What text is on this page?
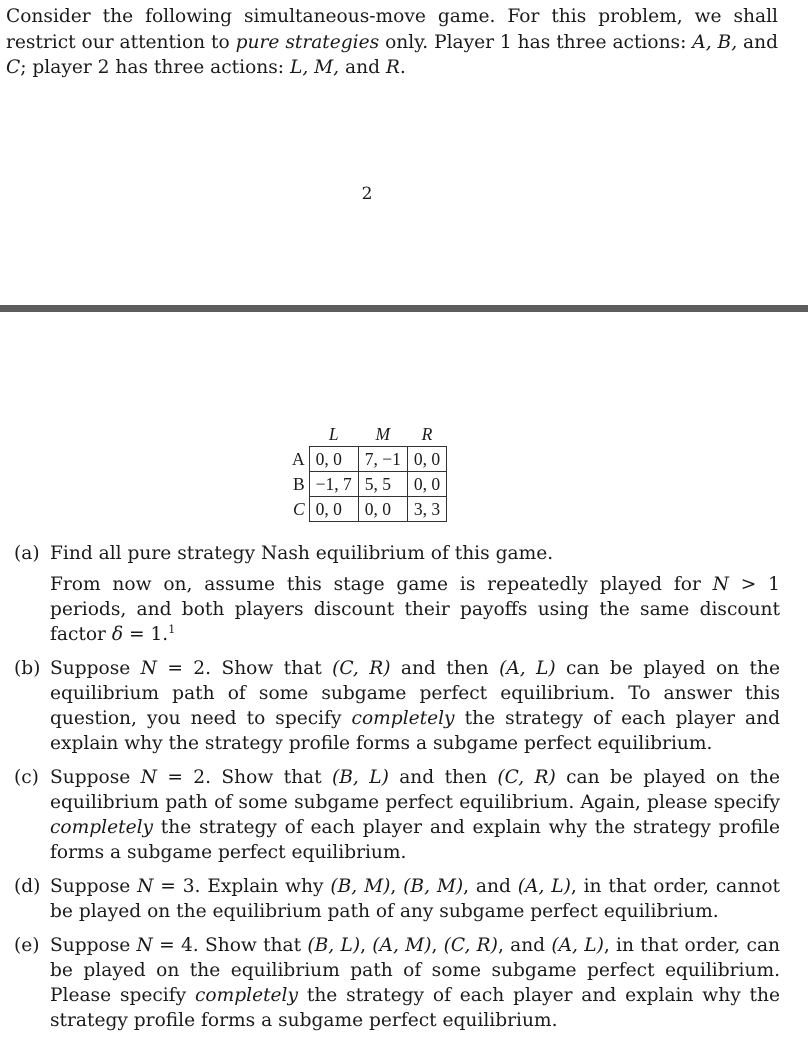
Consider the following simultaneous-move game. For this problem, we shall restrict our attention to pure strategies only. Player 1 has three actions: A, B, and C; player 2 has three actions: L, M, and R.

2
	L	M	R
A	0, 0	7, −1	0, 0
B	−1, 7	5, 5	0, 0
C	0, 0	0, 0	3, 3
(a) Find all pure strategy Nash equilibrium of this game.
From now on, assume this stage game is repeatedly played for N > 1 periods, and both players discount their payoffs using the same discount factor δ = 1.$^1$
(b) Suppose N = 2. Show that (C, R) and then (A, L) can be played on the equilibrium path of some subgame perfect equilibrium. To answer this question, you need to specify completely the strategy of each player and explain why the strategy profile forms a subgame perfect equilibrium.
(c) Suppose N = 2. Show that (B, L) and then (C, R) can be played on the equilibrium path of some subgame perfect equilibrium. Again, please specify completely the strategy of each player and explain why the strategy profile forms a subgame perfect equilibrium.
(d) Suppose N = 3. Explain why (B, M), (B, M), and (A, L), in that order, cannot be played on the equilibrium path of any subgame perfect equilibrium.
(e) Suppose N = 4. Show that (B, L), (A, M), (C, R), and (A, L), in that order, can be played on the equilibrium path of some subgame perfect equilibrium. Please specify completely the strategy of each player and explain why the strategy profile forms a subgame perfect equilibrium.
